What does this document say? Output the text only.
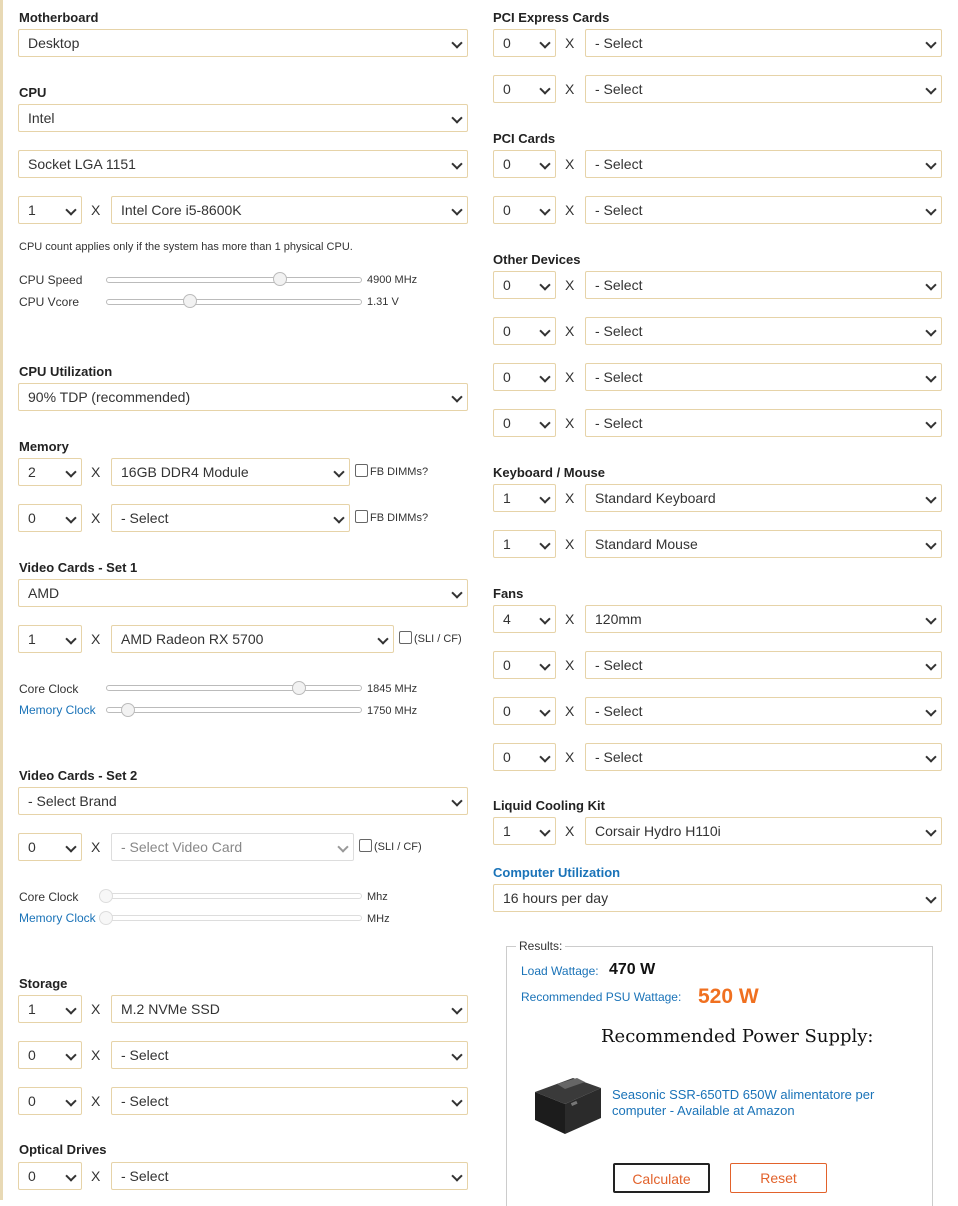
Motherboard
Desktop
CPU
Intel
Socket LGA 1151
1	X	Intel Core i5-8600K
CPU count applies only if the system has more than 1 physical CPU.
CPU Speed	4900 MHz
CPU Vcore	1.31 V
CPU Utilization
90% TDP (recommended)
Memory
2	X	16GB DDR4 Module	FB DIMMs?
0	X	- Select	FB DIMMs?
Video Cards - Set 1
AMD
1	X	AMD Radeon RX 5700	(SLI / CF)
Core Clock	1845 MHz
Memory Clock	1750 MHz
Video Cards - Set 2
- Select Brand
0	X	- Select Video Card	(SLI / CF)
Core Clock	Mhz
Memory Clock	MHz
Storage
1	X	M.2 NVMe SSD
0	X	- Select
0	X	- Select
Optical Drives
0	X	- Select
PCI Express Cards
0	X	- Select
0	X	- Select
PCI Cards
0	X	- Select
0	X	- Select
Other Devices
0	X	- Select
0	X	- Select
0	X	- Select
0	X	- Select
Keyboard / Mouse
1	X	Standard Keyboard
1	X	Standard Mouse
Fans
4	X	120mm
0	X	- Select
0	X	- Select
0	X	- Select
Liquid Cooling Kit
1	X	Corsair Hydro H110i
Computer Utilization
16 hours per day
Results:
Load Wattage: 470 W
Recommended PSU Wattage: 520 W
Recommended Power Supply:
Seasonic SSR-650TD 650W alimentatore per computer - Available at Amazon
Calculate	Reset
